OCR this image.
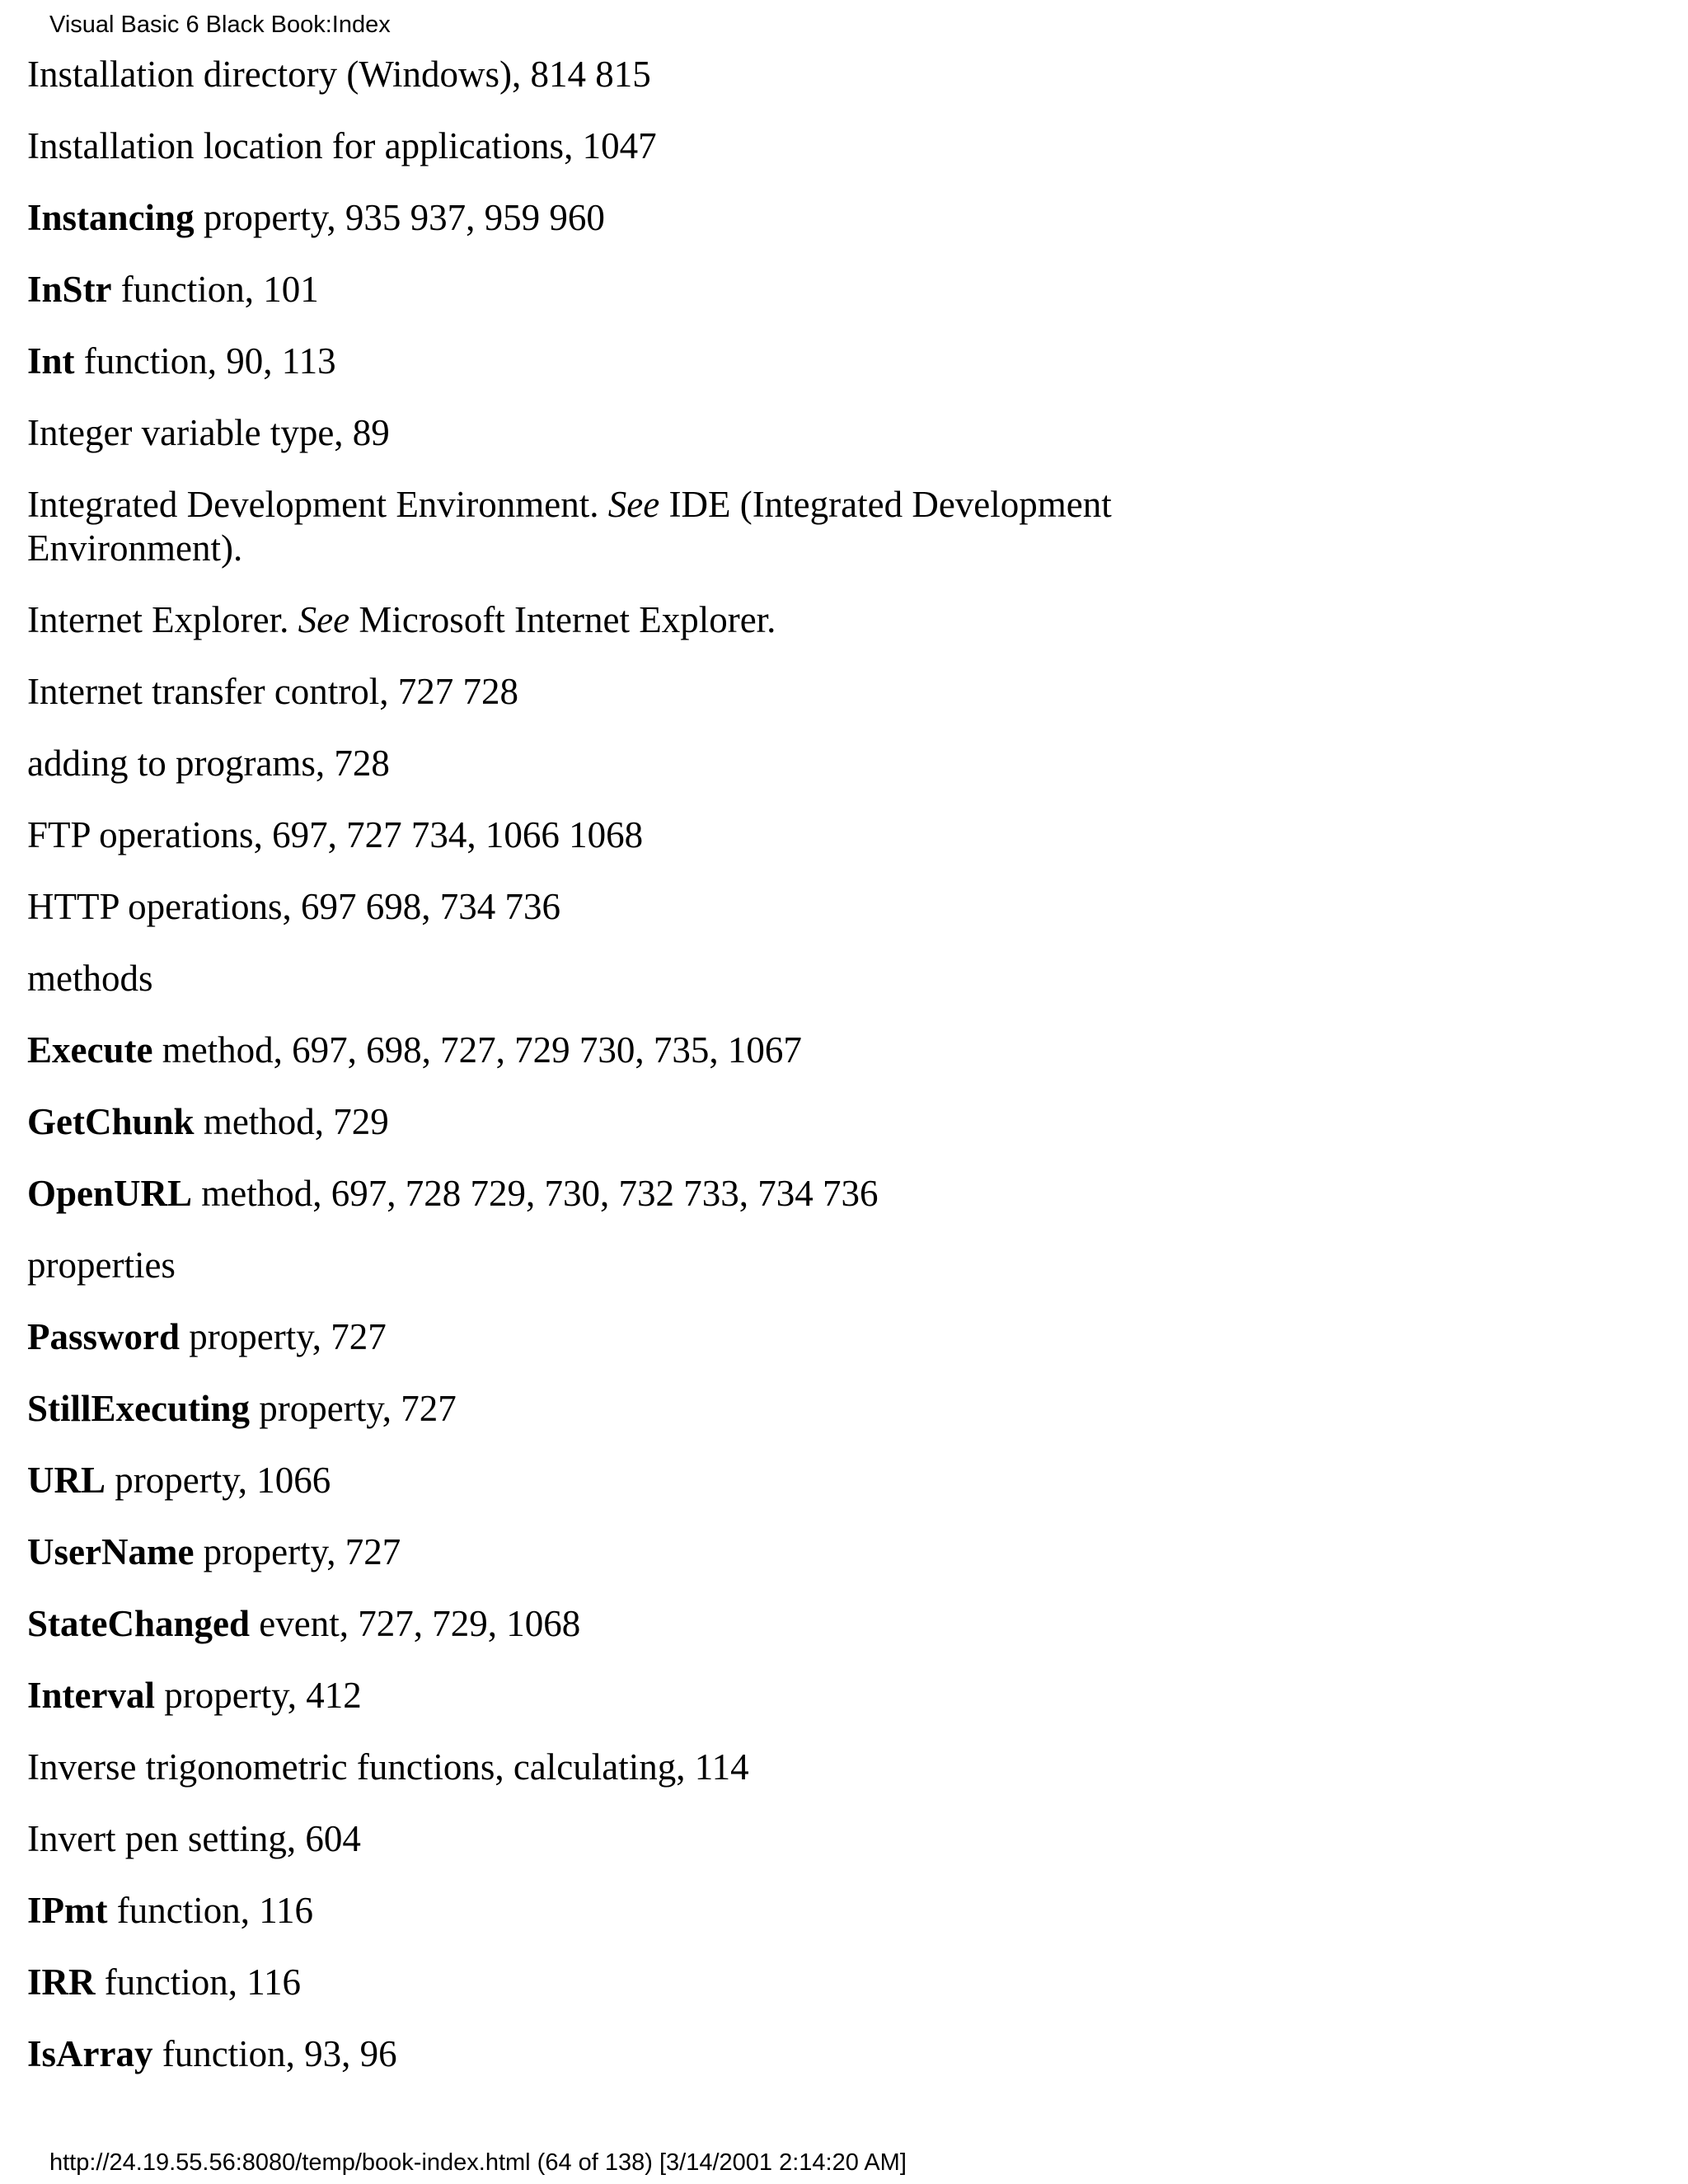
Visual Basic 6 Black Book:Index

Installation directory (Windows), 814 815

Installation location for applications, 1047

Instancing property, 935 937, 959 960

InStr function, 101

Int function, 90, 113

Integer variable type, 89

Integrated Development Environment. See IDE (Integrated Development Environment).

Internet Explorer. See Microsoft Internet Explorer.

Internet transfer control, 727 728

adding to programs, 728

FTP operations, 697, 727 734, 1066 1068

HTTP operations, 697 698, 734 736

methods

Execute method, 697, 698, 727, 729 730, 735, 1067

GetChunk method, 729

OpenURL method, 697, 728 729, 730, 732 733, 734 736

properties

Password property, 727

StillExecuting property, 727

URL property, 1066

UserName property, 727

StateChanged event, 727, 729, 1068

Interval property, 412

Inverse trigonometric functions, calculating, 114

Invert pen setting, 604

IPmt function, 116

IRR function, 116

IsArray function, 93, 96

http://24.19.55.56:8080/temp/book-index.html (64 of 138) [3/14/2001 2:14:20 AM]
